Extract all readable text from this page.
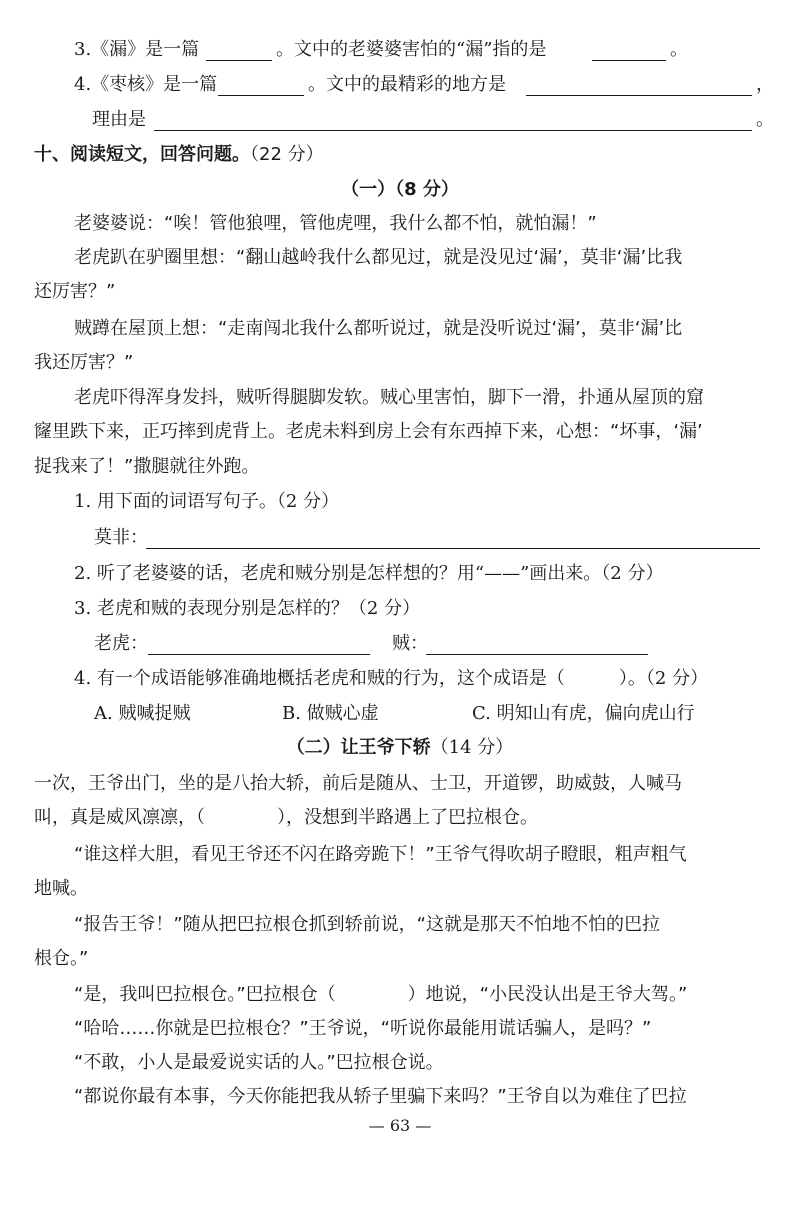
3.《漏》是一篇	。文中的老婆婆害怕的“漏”指的是	。
4.《枣核》是一篇	。文中的最精彩的地方是	，
理由是	。
十、阅读短文，回答问题。（22 分）
（一）（8 分）
老婆婆说：“唉！管他狼哩，管他虎哩，我什么都不怕，就怕漏！”
老虎趴在驴圈里想：“翻山越岭我什么都见过，就是没见过‘漏’，莫非‘漏’比我
还厉害？”
贼蹲在屋顶上想：“走南闯北我什么都听说过，就是没听说过‘漏’，莫非‘漏’比
我还厉害？”
老虎吓得浑身发抖，贼听得腿脚发软。贼心里害怕，脚下一滑，扑通从屋顶的窟
窿里跌下来，正巧摔到虎背上。老虎未料到房上会有东西掉下来，心想：“坏事，‘漏’
捉我来了！”撒腿就往外跑。
1. 用下面的词语写句子。（2 分）
莫非：
2. 听了老婆婆的话，老虎和贼分别是怎样想的？用“——”画出来。（2 分）
3. 老虎和贼的表现分别是怎样的？（2 分）
老虎：	贼：
4. 有一个成语能够准确地概括老虎和贼的行为，这个成语是（　　　）。（2 分）
A. 贼喊捉贼	B. 做贼心虚	C. 明知山有虎，偏向虎山行
（二）让王爷下轿（14 分）
一次，王爷出门，坐的是八抬大轿，前后是随从、士卫，开道锣，助威鼓，人喊马
叫，真是威风凛凛，（　　　　），没想到半路遇上了巴拉根仓。
“谁这样大胆，看见王爷还不闪在路旁跪下！”王爷气得吹胡子瞪眼，粗声粗气
地喊。
“报告王爷！”随从把巴拉根仓抓到轿前说，“这就是那天不怕地不怕的巴拉
根仓。”
“是，我叫巴拉根仓。”巴拉根仓（　　　　）地说，“小民没认出是王爷大驾。”
“哈哈……你就是巴拉根仓？”王爷说，“听说你最能用谎话骗人，是吗？”
“不敢，小人是最爱说实话的人。”巴拉根仓说。
“都说你最有本事，今天你能把我从轿子里骗下来吗？”王爷自以为难住了巴拉
— 63 —
